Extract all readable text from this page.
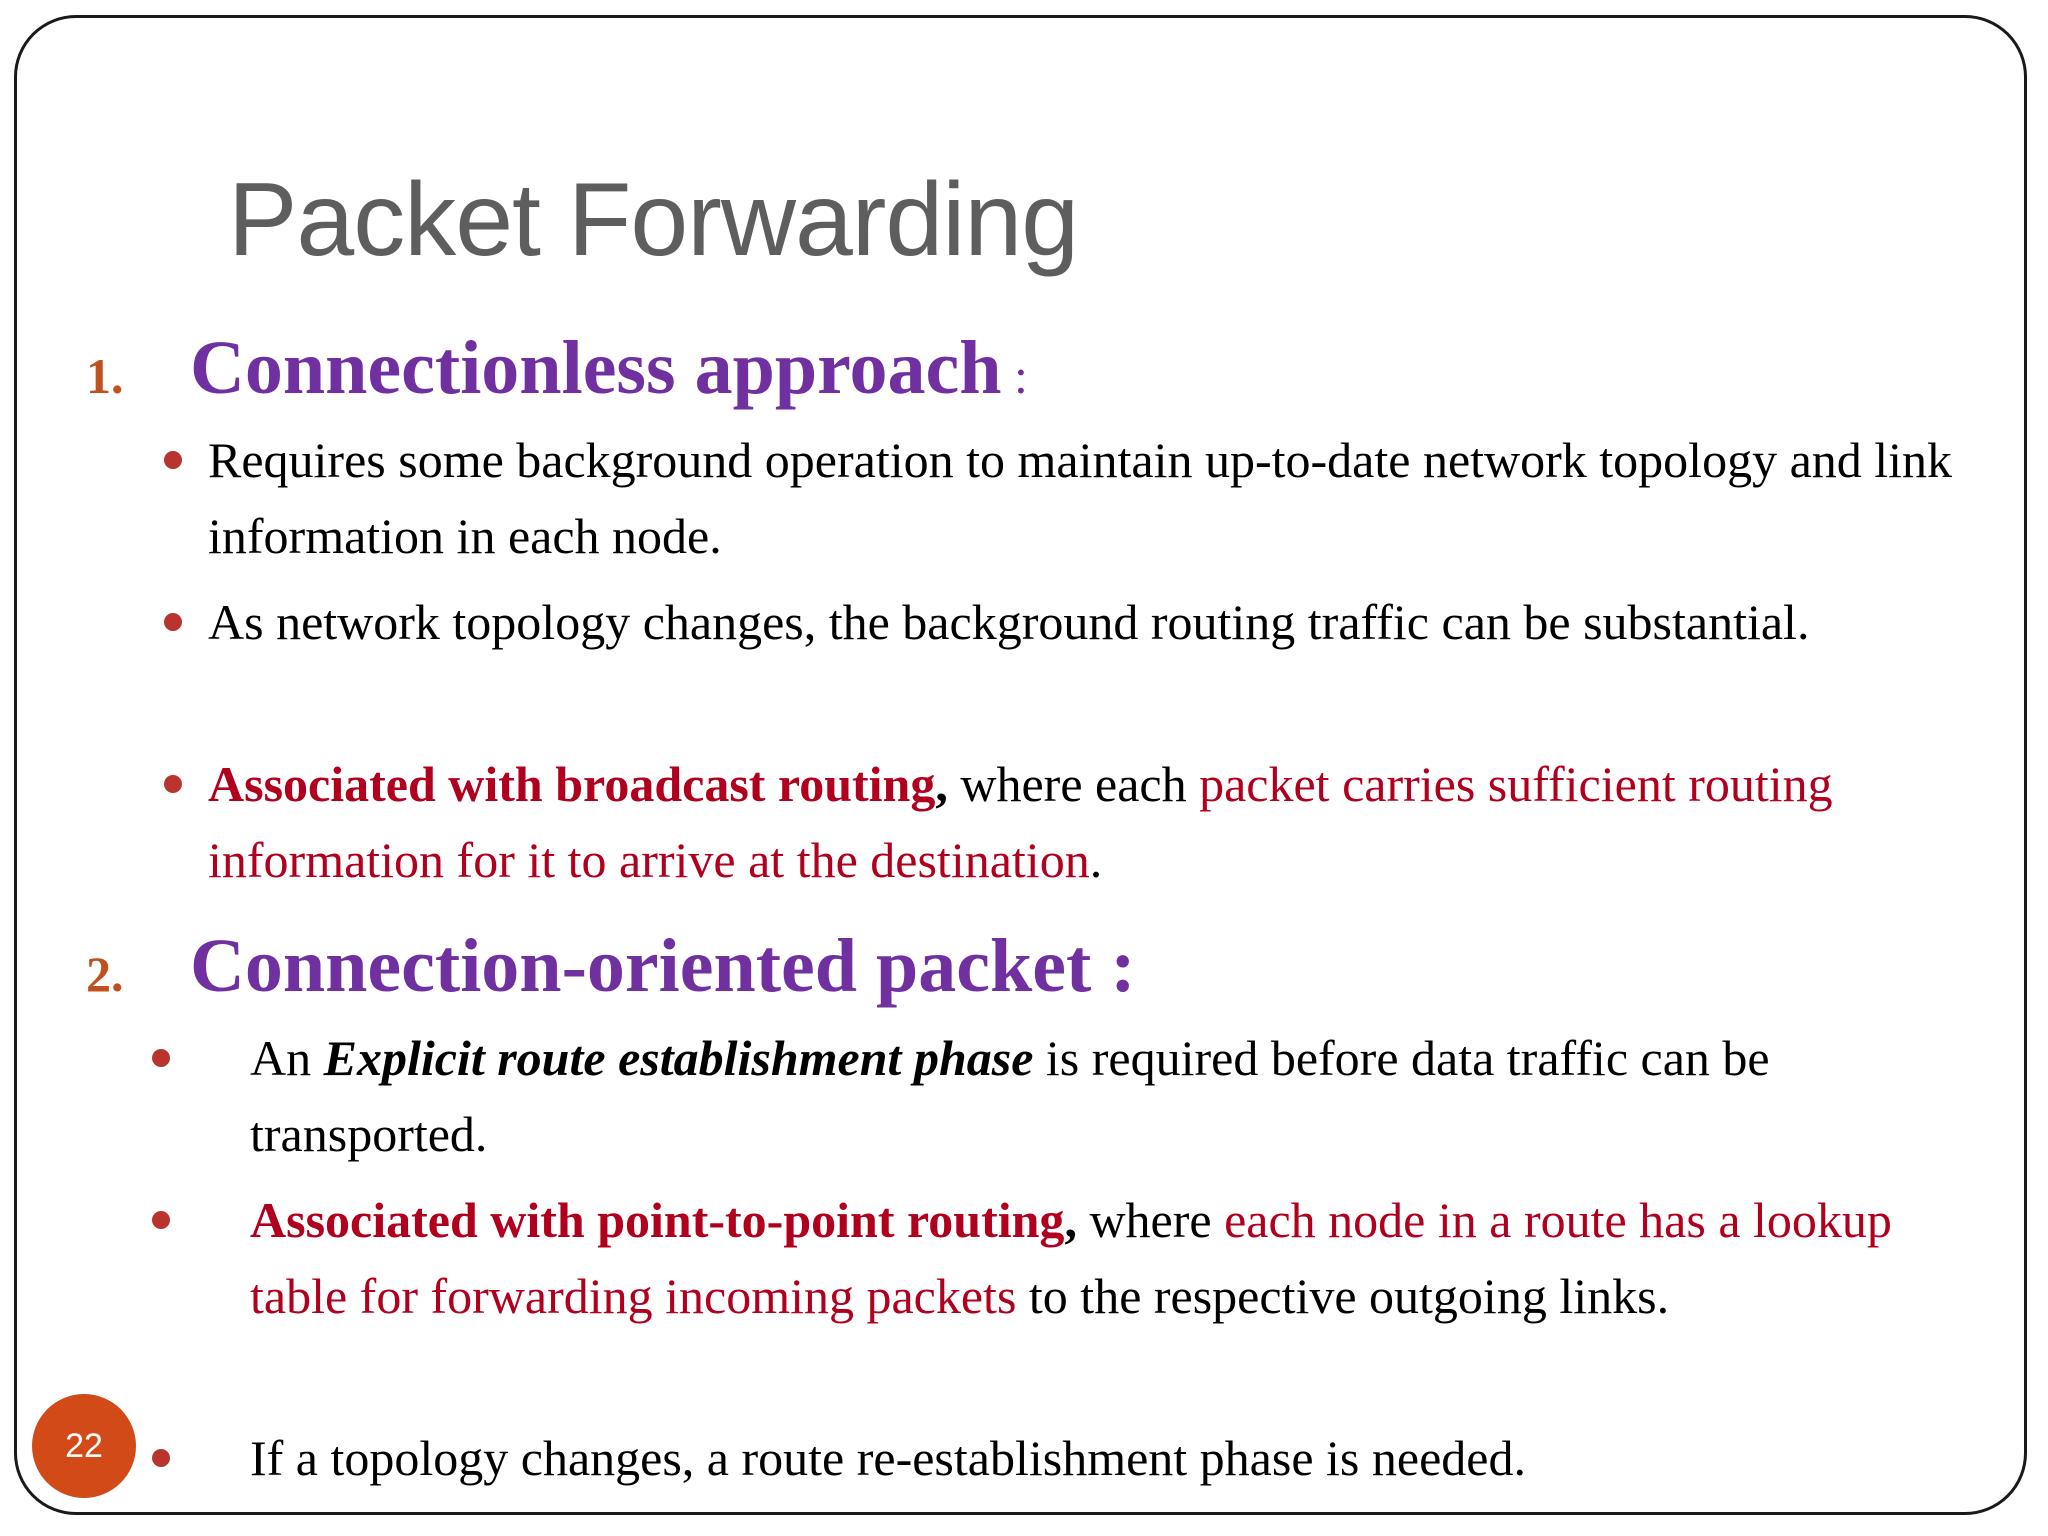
Packet Forwarding
1. Connectionless approach :
Requires some background operation to maintain up-to-date network topology and link information in each node.
As network topology changes, the background routing traffic can be substantial.
Associated with broadcast routing, where each packet carries sufficient routing information for it to arrive at the destination.
2. Connection-oriented packet :
An Explicit route establishment phase is required before data traffic can be transported.
Associated with point-to-point routing, where each node in a route has a lookup table for forwarding incoming packets to the respective outgoing links.
If a topology changes, a route re-establishment phase is needed.
22
